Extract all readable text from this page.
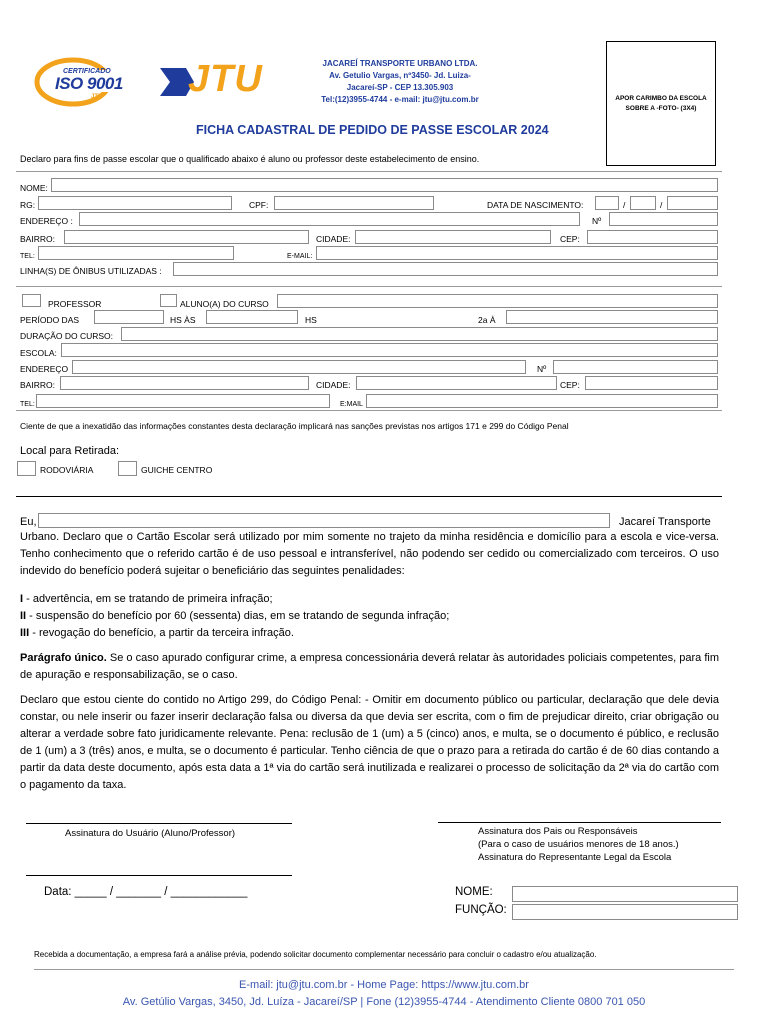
CERTIFICADO
ISO 9001
JTU JTU	JACAREÍ TRANSPORTE URBANO LTDA.
Av. Getulio Vargas, nº3450- Jd. Luiza-
Jacareí-SP - CEP 13.305.903
Tel:(12)3955-4744 - e-mail: jtu@jtu.com.br	APOR CARIMBO DA ESCOLA SOBRE A -FOTO- (3X4)
FICHA CADASTRAL DE PEDIDO DE PASSE ESCOLAR 2024
Declaro para fins de passe escolar que o qualificado abaixo é aluno ou professor deste estabelecimento de ensino.
NOME:
RG:	CPF:	DATA DE NASCIMENTO:	/	/
ENDEREÇO :	Nº
BAIRRO:	CIDADE:	CEP:
TEL:	E-MAIL:
LINHA(S) DE ÔNIBUS UTILIZADAS :
PROFESSOR	ALUNO(A) DO CURSO
PERÍODO DAS	HS ÀS	HS	2a À
DURAÇÃO DO CURSO:
ESCOLA:
ENDEREÇO	Nº
BAIRRO:	CIDADE:	CEP:
TEL:	E:MAIL
Ciente de que a inexatidão das informações constantes desta declaração implicará nas sanções previstas nos artigos 171 e 299 do Código Penal
Local para Retirada:
RODOVIÁRIA	GUICHE CENTRO
Eu,	Jacareí Transporte
Urbano. Declaro que o Cartão Escolar será utilizado por mim somente no trajeto da minha residência e domicílio para a escola e vice-versa. Tenho conhecimento que o referido cartão é de uso pessoal e intransferível, não podendo ser cedido ou comercializado com terceiros. O uso indevido do benefício poderá sujeitar o beneficiário das seguintes penalidades:
I - advertência, em se tratando de primeira infração;
II - suspensão do benefício por 60 (sessenta) dias, em se tratando de segunda infração;
III - revogação do benefício, a partir da terceira infração.
Parágrafo único. Se o caso apurado configurar crime, a empresa concessionária deverá relatar às autoridades policiais competentes, para fim de apuração e responsabilização, se o caso.
Declaro que estou ciente do contido no Artigo 299, do Código Penal: - Omitir em documento público ou particular, declaração que dele devia constar, ou nele inserir ou fazer inserir declaração falsa ou diversa da que devia ser escrita, com o fim de prejudicar direito, criar obrigação ou alterar a verdade sobre fato juridicamente relevante. Pena: reclusão de 1 (um) a 5 (cinco) anos, e multa, se o documento é público, e reclusão de 1 (um) a 3 (três) anos, e multa, se o documento é particular. Tenho ciência de que o prazo para a retirada do cartão é de 60 dias contando a partir da data deste documento, após esta data a 1ª via do cartão será inutilizada e realizarei o processo de solicitação da 2ª via do cartão com o pagamento da taxa.
Assinatura do Usuário (Aluno/Professor)	Assinatura dos Pais ou Responsáveis
(Para o caso de usuários menores de 18 anos.)
Assinatura do Representante Legal da Escola
Data: _____ / _______ / ____________	NOME:
FUNÇÃO:
Recebida a documentação, a empresa fará a análise prévia, podendo solicitar documento complementar necessário para concluir o cadastro e/ou atualização.
E-mail: jtu@jtu.com.br - Home Page: https://www.jtu.com.br
Av. Getúlio Vargas, 3450, Jd. Luíza - Jacareí/SP | Fone (12)3955-4744 - Atendimento Cliente 0800 701 050
